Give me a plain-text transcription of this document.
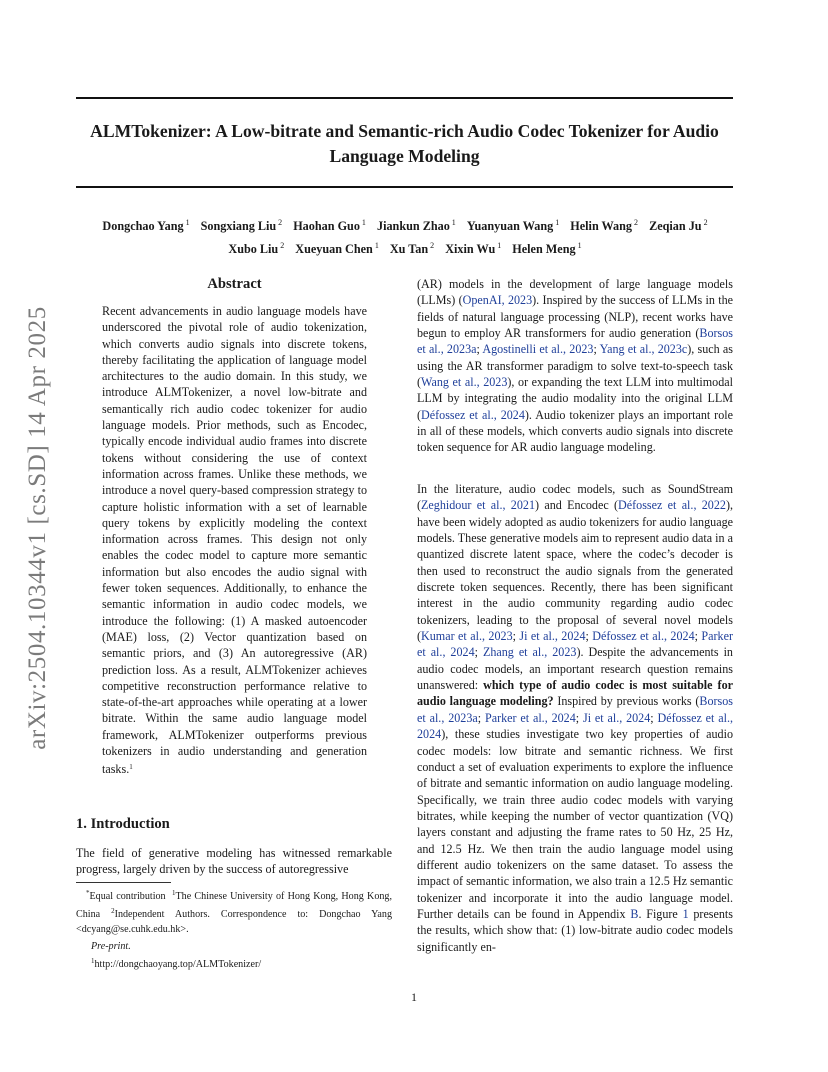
ALMTokenizer: A Low-bitrate and Semantic-rich Audio Codec Tokenizer for Audio Language Modeling
Dongchao Yang $^1$ Songxiang Liu $^2$ Haohan Guo $^1$ Jiankun Zhao $^1$ Yuanyuan Wang $^1$ Helin Wang $^2$ Zeqian Ju $^2$
Xubo Liu $^2$ Xueyuan Chen $^1$ Xu Tan $^2$ Xixin Wu $^1$ Helen Meng $^1$
arXiv:2504.10344v1 [cs.SD] 14 Apr 2025
Abstract

Recent advancements in audio language models have underscored the pivotal role of audio tokenization, which converts audio signals into discrete tokens, thereby facilitating the application of language model architectures to the audio domain. In this study, we introduce ALMTokenizer, a novel low-bitrate and semantically rich audio codec tokenizer for audio language models. Prior methods, such as Encodec, typically encode individual audio frames into discrete tokens without considering the use of context information across frames. Unlike these methods, we introduce a novel query-based compression strategy to capture holistic information with a set of learnable query tokens by explicitly modeling the context information across frames. This design not only enables the codec model to capture more semantic information but also encodes the audio signal with fewer token sequences. Additionally, to enhance the semantic information in audio codec models, we introduce the following: (1) A masked autoencoder (MAE) loss, (2) Vector quantization based on semantic priors, and (3) An autoregressive (AR) prediction loss. As a result, ALMTokenizer achieves competitive reconstruction performance relative to state-of-the-art approaches while operating at a lower bitrate. Within the same audio language model framework, ALMTokenizer outperforms previous tokenizers in audio understanding and generation tasks.$^1$

1. Introduction

The field of generative modeling has witnessed remarkable progress, largely driven by the success of autoregressive

*Equal contribution $^1$The Chinese University of Hong Kong, Hong Kong, China $^2$Independent Authors. Correspondence to: Dongchao Yang <dcyang@se.cuhk.edu.hk>.

Pre-print.

$^1$http://dongchaoyang.top/ALMTokenizer/

(AR) models in the development of large language models (LLMs) (OpenAI, 2023). Inspired by the success of LLMs in the fields of natural language processing (NLP), recent works have begun to employ AR transformers for audio generation (Borsos et al., 2023a; Agostinelli et al., 2023; Yang et al., 2023c), such as using the AR transformer paradigm to solve text-to-speech task (Wang et al., 2023), or expanding the text LLM into multimodal LLM by integrating the audio modality into the original LLM (Défossez et al., 2024). Audio tokenizer plays an important role in all of these models, which converts audio signals into discrete token sequence for AR audio language modeling.

In the literature, audio codec models, such as SoundStream (Zeghidour et al., 2021) and Encodec (Défossez et al., 2022), have been widely adopted as audio tokenizers for audio language models. These generative models aim to represent audio data in a quantized discrete latent space, where the codec’s decoder is then used to reconstruct the audio signals from the generated discrete token sequences. Recently, there has been significant interest in the audio community regarding audio codec tokenizers, leading to the proposal of several novel models (Kumar et al., 2023; Ji et al., 2024; Défossez et al., 2024; Parker et al., 2024; Zhang et al., 2023). Despite the advancements in audio codec models, an important research question remains unanswered: which type of audio codec is most suitable for audio language modeling? Inspired by previous works (Borsos et al., 2023a; Parker et al., 2024; Ji et al., 2024; Défossez et al., 2024), these studies investigate two key properties of audio codec models: low bitrate and semantic richness. We first conduct a set of evaluation experiments to explore the influence of bitrate and semantic information on audio language modeling. Specifically, we train three audio codec models with varying bitrates, while keeping the number of vector quantization (VQ) layers constant and adjusting the frame rates to 50 Hz, 25 Hz, and 12.5 Hz. We then train the audio language model using different audio tokenizers on the same dataset. To assess the impact of semantic information, we also train a 12.5 Hz semantic tokenizer and incorporate it into the audio language model. Further details can be found in Appendix B. Figure 1 presents the results, which show that: (1) low-bitrate audio codec models significantly en-

1
